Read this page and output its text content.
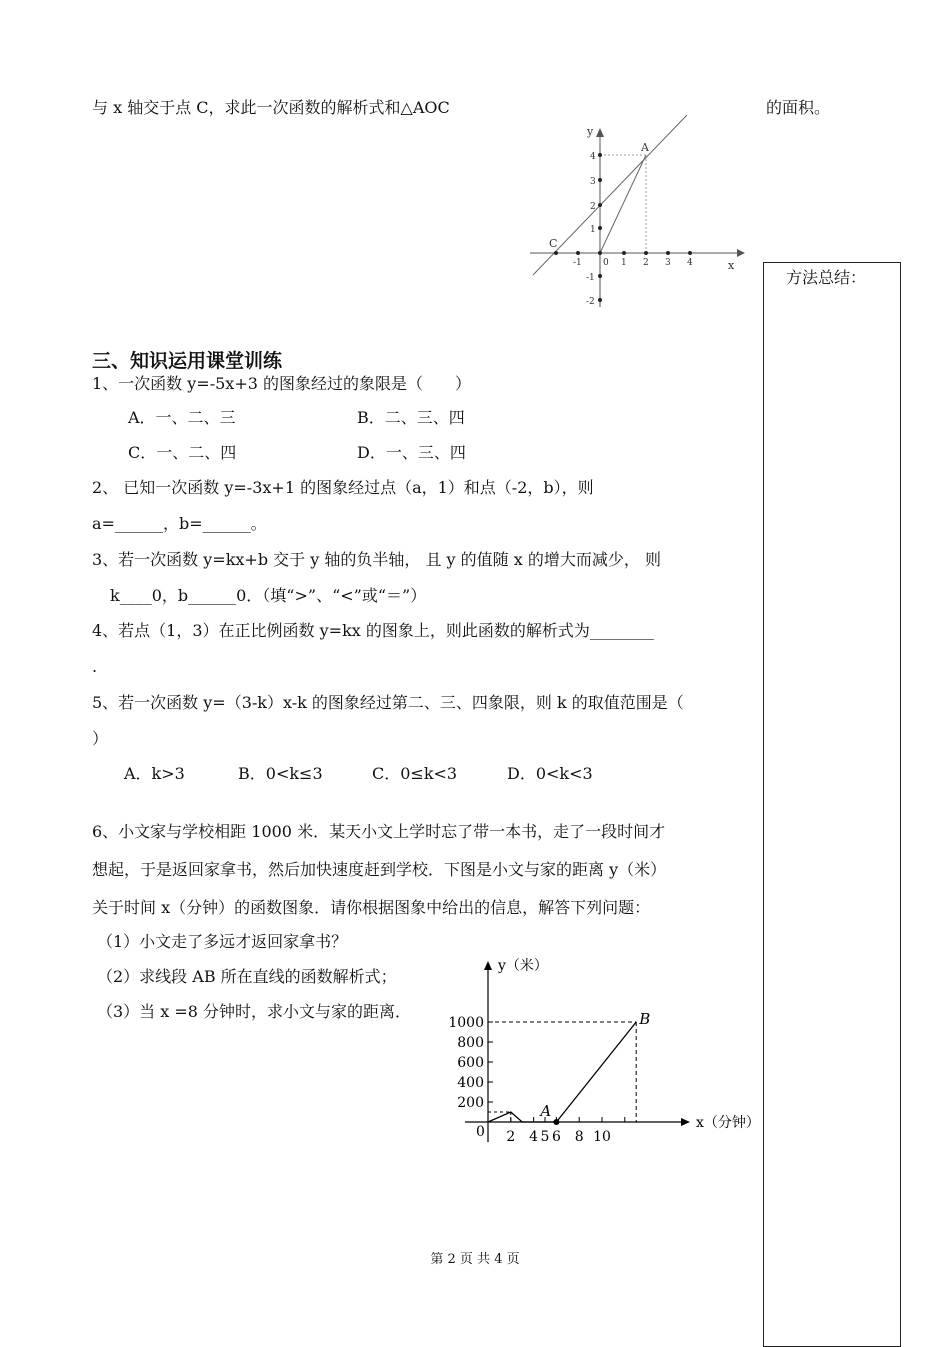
与 x 轴交于点 C，求此一次函数的解析式和△AOC	的面积。
y
x
0
-1	1 2 3 4
4
3
2
1
-1
-2
A
C
方法总结：
三、知识运用课堂训练
1、一次函数 y=-5x+3 的图象经过的象限是（　　）
A．一、二、三	B．二、三、四
C．一、二、四	D．一、三、四
2、 已知一次函数 y=-3x+1 的图象经过点（a，1）和点（-2，b），则
a=______，b=______。
3、若一次函数 y=kx+b 交于 y 轴的负半轴， 且 y 的值随 x 的增大而减少， 则
k____0，b______0．（填“>”、“<”或“＝”）
4、若点（1，3）在正比例函数 y=kx 的图象上，则此函数的解析式为________
.
5、若一次函数 y=（3-k）x-k 的图象经过第二、三、四象限，则 k 的取值范围是（
）
A．k>3	B．0<k≤3	C．0≤k<3	D．0<k<3
6、小文家与学校相距 1000 米．某天小文上学时忘了带一本书，走了一段时间才
想起，于是返回家拿书，然后加快速度赶到学校．下图是小文与家的距离 y（米）
关于时间 x（分钟）的函数图象．请你根据图象中给出的信息，解答下列问题：
（1）小文走了多远才返回家拿书？
（2）求线段 AB 所在直线的函数解析式；
（3）当 x =8 分钟时，求小文与家的距离．
1000
800
600
400
200
2 4 5 6 8 10
0
A
B
x（分钟）
y（米）
第 2 页 共 4 页
